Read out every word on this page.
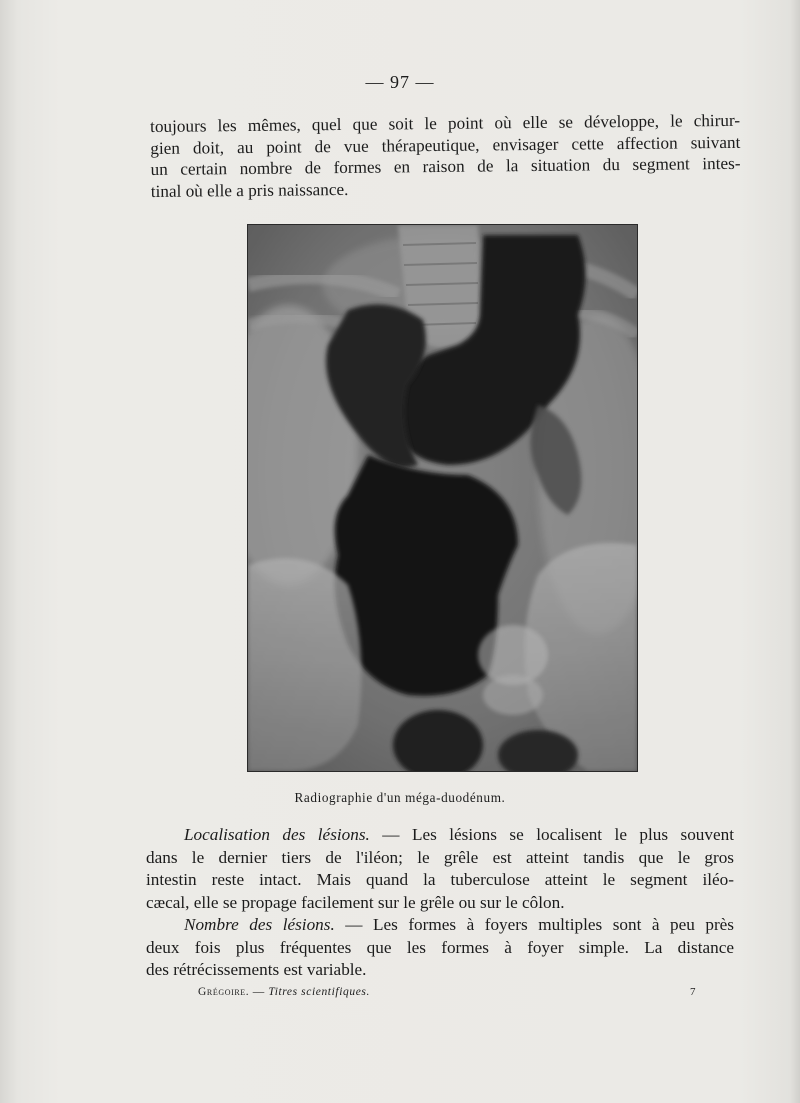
— 97 —
toujours les mêmes, quel que soit le point où elle se développe, le chirur-
gien doit, au point de vue thérapeutique, envisager cette affection suivant
un certain nombre de formes en raison de la situation du segment intes-
tinal où elle a pris naissance.
Radiographie d'un méga-duodénum.
Localisation des lésions. — Les lésions se localisent le plus souvent
dans le dernier tiers de l'iléon; le grêle est atteint tandis que le gros
intestin reste intact. Mais quand la tuberculose atteint le segment iléo-
cæcal, elle se propage facilement sur le grêle ou sur le côlon.
Nombre des lésions. — Les formes à foyers multiples sont à peu près
deux fois plus fréquentes que les formes à foyer simple. La distance
des rétrécissements est variable.
Grégoire. — Titres scientifiques.	7
